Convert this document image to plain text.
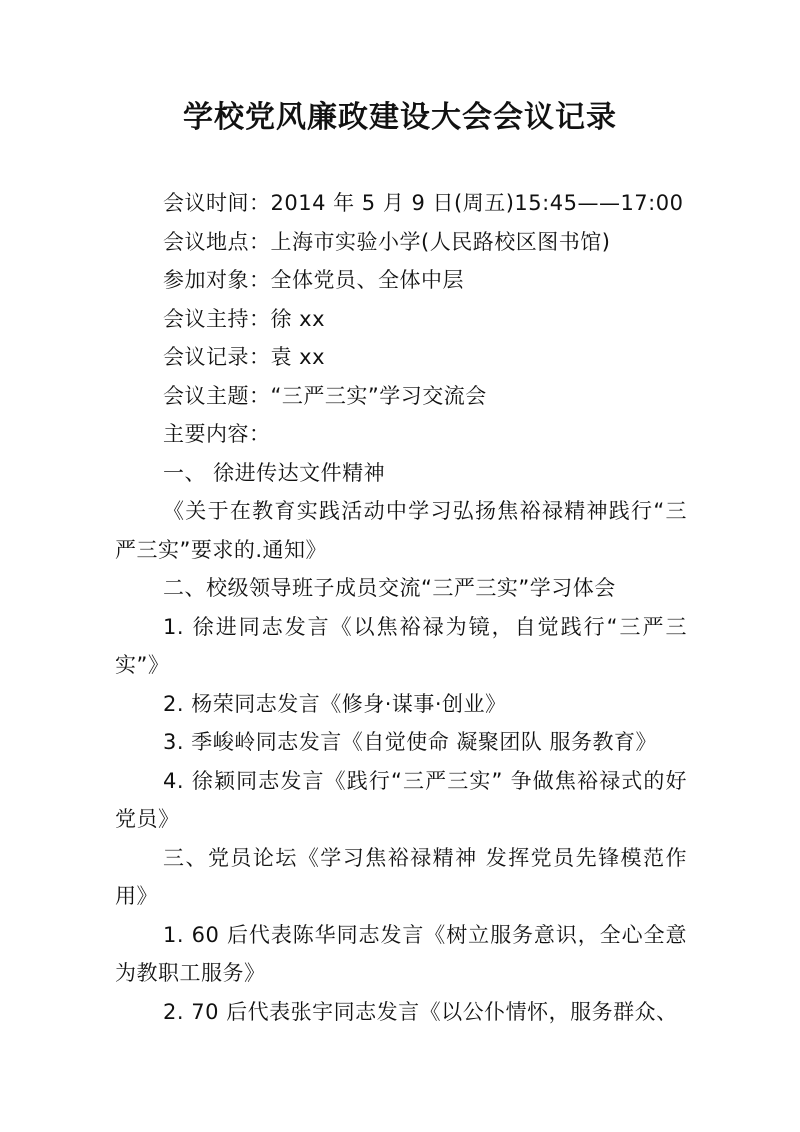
学校党风廉政建设大会会议记录

会议时间：2014 年 5 月 9 日(周五)15:45——17:00

会议地点：上海市实验小学(人民路校区图书馆)

参加对象：全体党员、全体中层

会议主持：徐 xx

会议记录：袁 xx

会议主题：“三严三实”学习交流会

主要内容：

一、 徐进传达文件精神

《关于在教育实践活动中学习弘扬焦裕禄精神践行“三严三实”要求的.通知》

二、校级领导班子成员交流“三严三实”学习体会

1. 徐进同志发言《以焦裕禄为镜，自觉践行“三严三实”》

2. 杨荣同志发言《修身·谋事·创业》

3. 季峻岭同志发言《自觉使命 凝聚团队 服务教育》

4. 徐颖同志发言《践行“三严三实” 争做焦裕禄式的好党员》

三、党员论坛《学习焦裕禄精神 发挥党员先锋模范作用》

1. 60 后代表陈华同志发言《树立服务意识，全心全意为教职工服务》

2. 70 后代表张宇同志发言《以公仆情怀，服务群众、
